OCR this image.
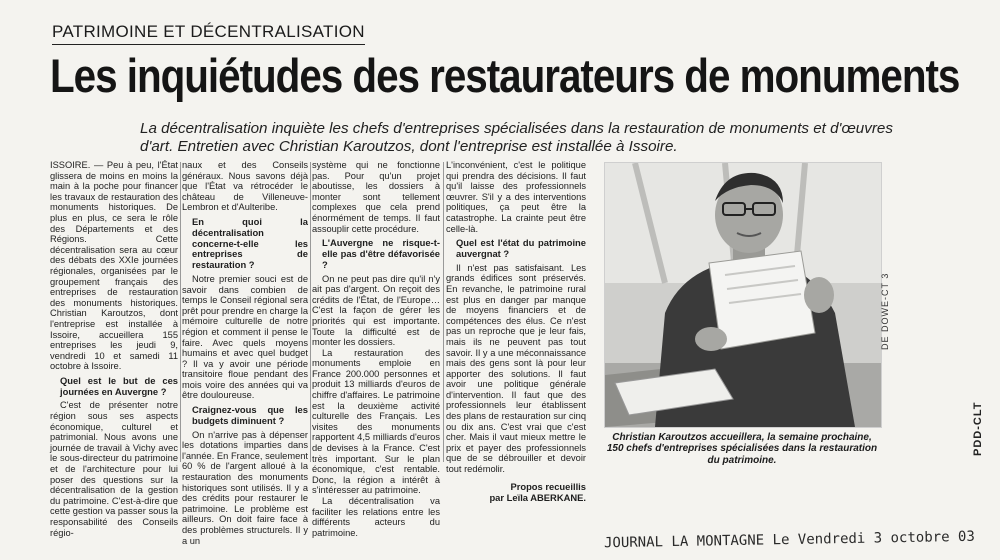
PATRIMOINE ET DÉCENTRALISATION
Les inquiétudes des restaurateurs de monuments
La décentralisation inquiète les chefs d'entreprises spécialisées dans la restauration de monuments et d'œuvres d'art. Entretien avec Christian Karoutzos, dont l'entreprise est installée à Issoire.

ISSOIRE. — Peu à peu, l'État glissera de moins en moins la main à la poche pour financer les travaux de restauration des monuments historiques. De plus en plus, ce sera le rôle des Départements et des Régions. Cette décentralisation sera au cœur des débats des XXIe journées régionales, organisées par le groupement français des entreprises de restauration des monuments historiques. Christian Karoutzos, dont l'entreprise est installée à Issoire, accueillera 155 entreprises les jeudi 9, vendredi 10 et samedi 11 octobre à Issoire.

Quel est le but de ces journées en Auvergne ?

C'est de présenter notre région sous ses aspects économique, culturel et patrimonial. Nous avons une journée de travail à Vichy avec le sous-directeur du patrimoine et de l'architecture pour lui poser des questions sur la décentralisation de la gestion du patrimoine. C'est-à-dire que cette gestion va passer sous la responsabilité des Conseils régio-

naux et des Conseils généraux. Nous savons déjà que l'État va rétrocéder le château de Villeneuve-Lembron et d'Aulteribe.

En quoi la décentralisation concerne-t-elle les entreprises de restauration ?

Notre premier souci est de savoir dans combien de temps le Conseil régional sera prêt pour prendre en charge la mémoire culturelle de notre région et comment il pense le faire. Avec quels moyens humains et avec quel budget ? Il va y avoir une période transitoire floue pendant des mois voire des années qui va être douloureuse.

Craignez-vous que les budgets diminuent ?

On n'arrive pas à dépenser les dotations imparties dans l'année. En France, seulement 60 % de l'argent alloué à la restauration des monuments historiques sont utilisés. Il y a des crédits pour restaurer le patrimoine. Le problème est ailleurs. On doit faire face à des problèmes structurels. Il y a un

système qui ne fonctionne pas. Pour qu'un projet aboutisse, les dossiers à monter sont tellement complexes que cela prend énormément de temps. Il faut assouplir cette procédure.

L'Auvergne ne risque-t-elle pas d'être défavorisée ?

On ne peut pas dire qu'il n'y ait pas d'argent. On reçoit des crédits de l'État, de l'Europe… C'est la façon de gérer les priorités qui est importante. Toute la difficulté est de monter les dossiers.

La restauration des monuments emploie en France 200.000 personnes et produit 13 milliards d'euros de chiffre d'affaires. Le patrimoine est la deuxième activité culturelle des Français. Les visites des monuments rapportent 4,5 milliards d'euros de devises à la France. C'est très important. Sur le plan économique, c'est rentable. Donc, la région a intérêt à s'intéresser au patrimoine.

La décentralisation va faciliter les relations entre les différents acteurs du patrimoine.

L'inconvénient, c'est le politique qui prendra des décisions. Il faut qu'il laisse des professionnels œuvrer. S'il y a des interventions politiques, ça peut être la catastrophe. La crainte peut être celle-là.

Quel est l'état du patrimoine auvergnat ?

Il n'est pas satisfaisant. Les grands édifices sont préservés. En revanche, le patrimoine rural est plus en danger par manque de moyens financiers et de compétences des élus. Ce n'est pas un reproche que je leur fais, mais ils ne peuvent pas tout savoir. Il y a une méconnaissance mais des gens sont là pour leur apporter des solutions. Il faut avoir une politique générale d'intervention. Il faut que des professionnels leur établissent des plans de restauration sur cinq ou dix ans. C'est vrai que c'est cher. Mais il vaut mieux mettre le prix et payer des professionnels que de se débrouiller et devoir tout redémolir.

Propos recueillis
par Leïla ABERKANE.
DE DOWE-CT 3
Christian Karoutzos accueillera, la semaine prochaine, 150 chefs d'entreprises spécialisées dans la restauration du patrimoine.
PDD-CLT
JOURNAL LA MONTAGNE Le Vendredi 3 octobre 03
